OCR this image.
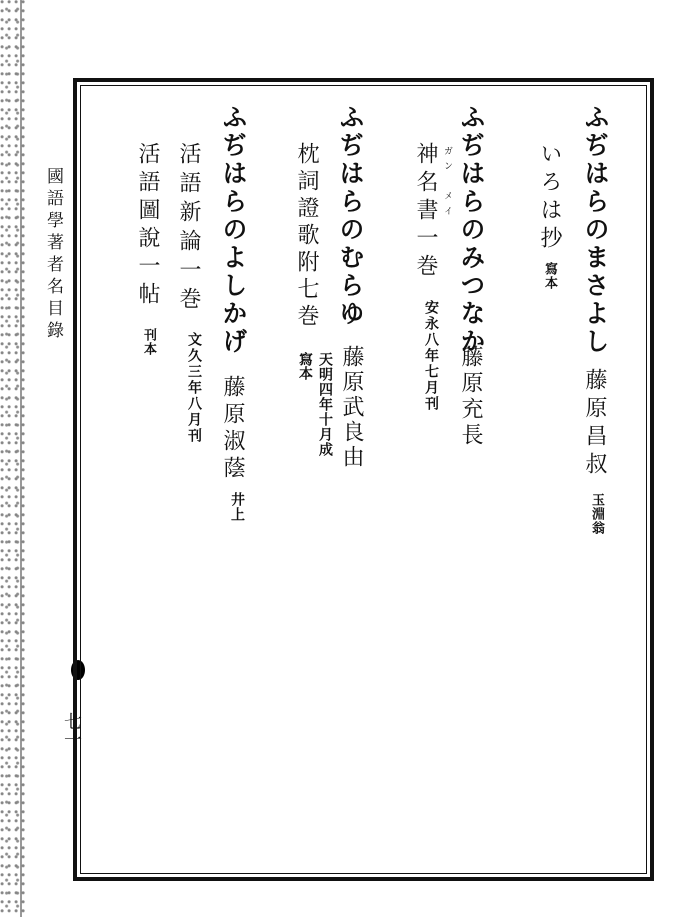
國語學著者名目錄
七一
ふぢはらのまさよし
いろは抄
寫本
藤原昌叔
玉淵翁
ふぢはらのみつなか
ガン　メイ
神名書一巻
安永八年七月刊 藤原充長
ふぢはらのむらゆ
枕詞證歌附七巻
天明四年十月成
寫本 藤原武良由
ふぢはらのよしかげ
活語新論一巻
文久三年八月刊 藤原淑蔭
井上
活語圖說一帖
刊本
